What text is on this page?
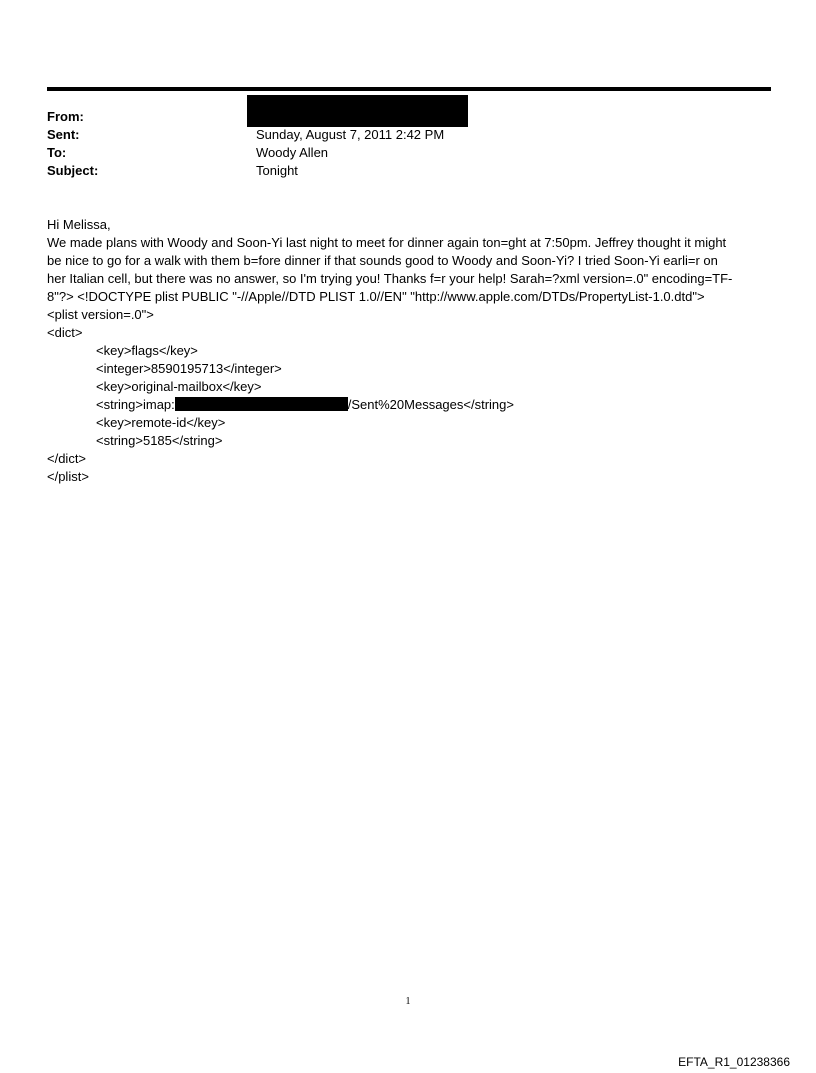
From:
Sent:	Sunday, August 7, 2011 2:42 PM
To:	Woody Allen
Subject:	Tonight
Hi Melissa,
We made plans with Woody and Soon-Yi last night to meet for dinner again ton=ght at 7:50pm. Jeffrey thought it might
be nice to go for a walk with them b=fore dinner if that sounds good to Woody and Soon-Yi? I tried Soon-Yi earli=r on
her Italian cell, but there was no answer, so I'm trying you! Thanks f=r your help! Sarah=?xml version=.0" encoding=TF-
8"?> <!DOCTYPE plist PUBLIC "-//Apple//DTD PLIST 1.0//EN" "http://www.apple.com/DTDs/PropertyList-1.0.dtd">
<plist version=.0">
<dict>
<key>flags</key>
<integer>8590195713</integer>
<key>original-mailbox</key>
<string>imap:	/Sent%20Messages</string>
<key>remote-id</key>
<string>5185</string>
</dict>
</plist>
1
EFTA_R1_01238366
